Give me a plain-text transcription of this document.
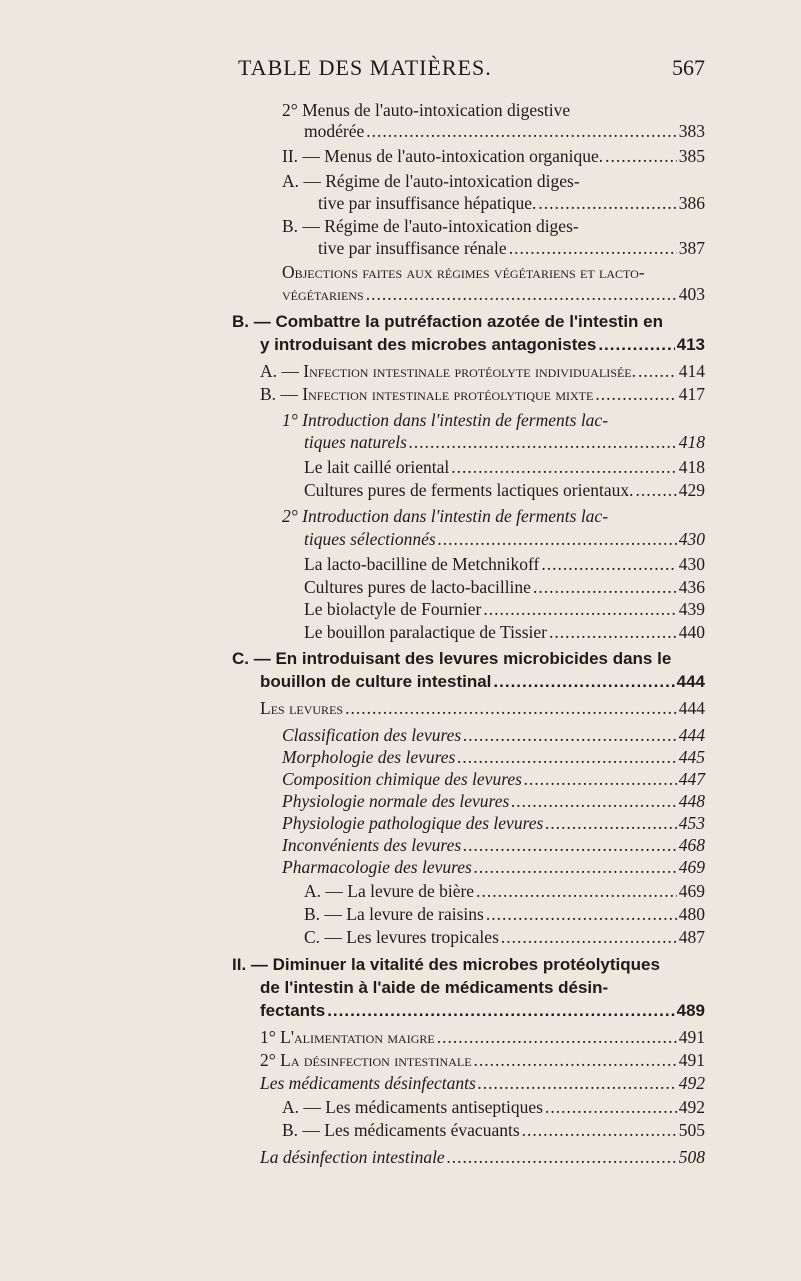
TABLE DES MATIÈRES.	567
2° Menus de l'auto-intoxication digestive
modérée .....	383
II. — Menus de l'auto-intoxication organique. .....	385
A. — Régime de l'auto-intoxication diges-
tive par insuffisance hépatique. .....	386
B. — Régime de l'auto-intoxication diges-
tive par insuffisance rénale .....	387
Objections faites aux régimes végétariens et lacto-
végétariens .....	403
B. — Combattre la putréfaction azotée de l'intestin en
y introduisant des microbes antagonistes .....	413
A. — Infection intestinale protéolyte individualisée. ..... 414
B. — Infection intestinale protéolytique mixte .....	417
1° Introduction dans l'intestin de ferments lac-
tiques naturels .....	418
Le lait caillé oriental .....	418
Cultures pures de ferments lactiques orientaux. .....	429
2° Introduction dans l'intestin de ferments lac-
tiques sélectionnés .....	430
La lacto-bacilline de Metchnikoff .....	430
Cultures pures de lacto-bacilline .....	436
Le biolactyle de Fournier .....	439
Le bouillon paralactique de Tissier .....	440
C. — En introduisant des levures microbicides dans le
bouillon de culture intestinal .....	444
Les levures .....	444
Classification des levures .....	444
Morphologie des levures .....	445
Composition chimique des levures .....	447
Physiologie normale des levures .....	448
Physiologie pathologique des levures .....	453
Inconvénients des levures .....	468
Pharmacologie des levures .....	469
A. — La levure de bière .....	469
B. — La levure de raisins .....	480
C. — Les levures tropicales .....	487
II. — Diminuer la vitalité des microbes protéolytiques
de l'intestin à l'aide de médicaments désin-
fectants .....	489
1° L'alimentation maigre .....	491
2° La désinfection intestinale .....	491
Les médicaments désinfectants .....	492
A. — Les médicaments antiseptiques .....	492
B. — Les médicaments évacuants .....	505
La désinfection intestinale .....	508
